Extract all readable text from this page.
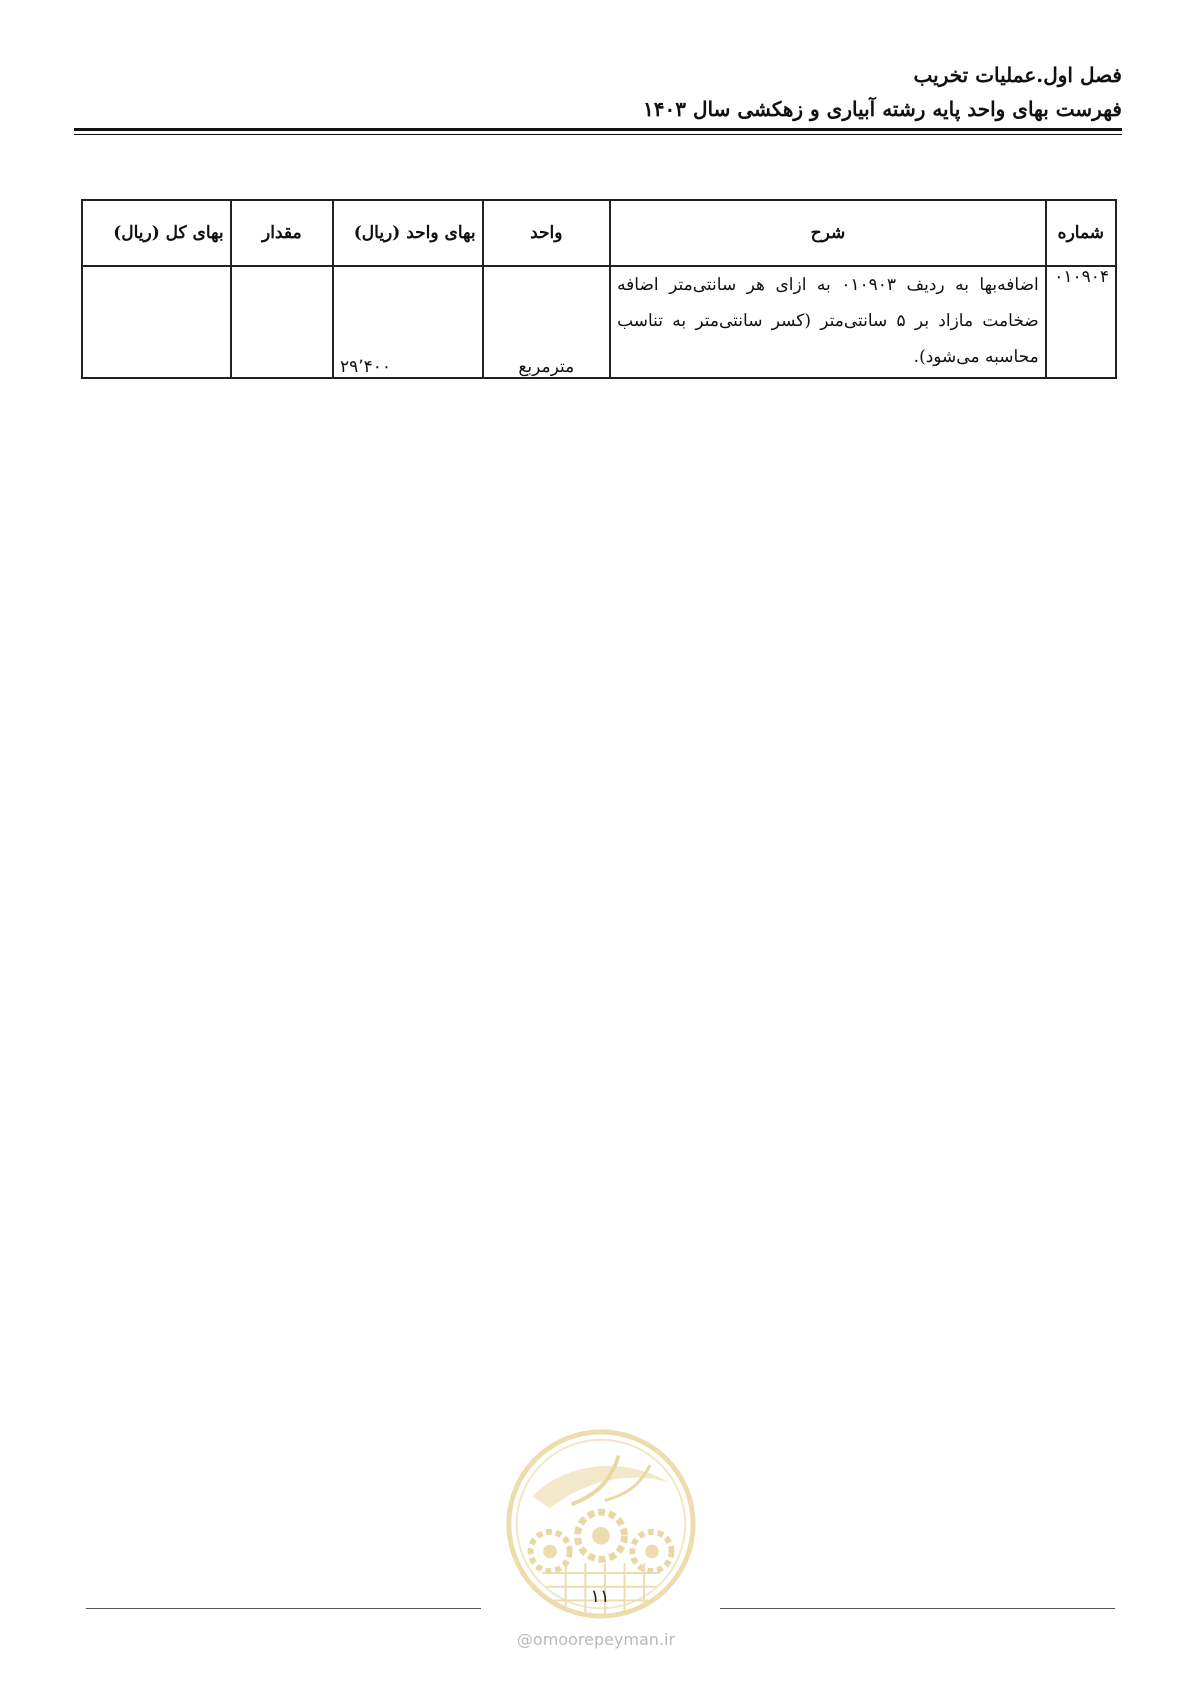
فصل اول.عملیات تخریب
فهرست بهای واحد پایه رشته آبیاری و زهکشی سال ۱۴۰۳
شماره	شرح	واحد	بهای واحد (ریال)	مقدار	بهای کل (ریال)
۰۱۰۹۰۴	اضافه‌بها به ردیف ۰۱۰۹۰۳ به ازای هر سانتی‌متر اضافه ضخامت مازاد بر ۵ سانتی‌متر (کسر سانتی‌متر به تناسب محاسبه می‌شود).	مترمربع	۲۹٬۴۰۰		
۱۱
@omoorepeyman.ir
